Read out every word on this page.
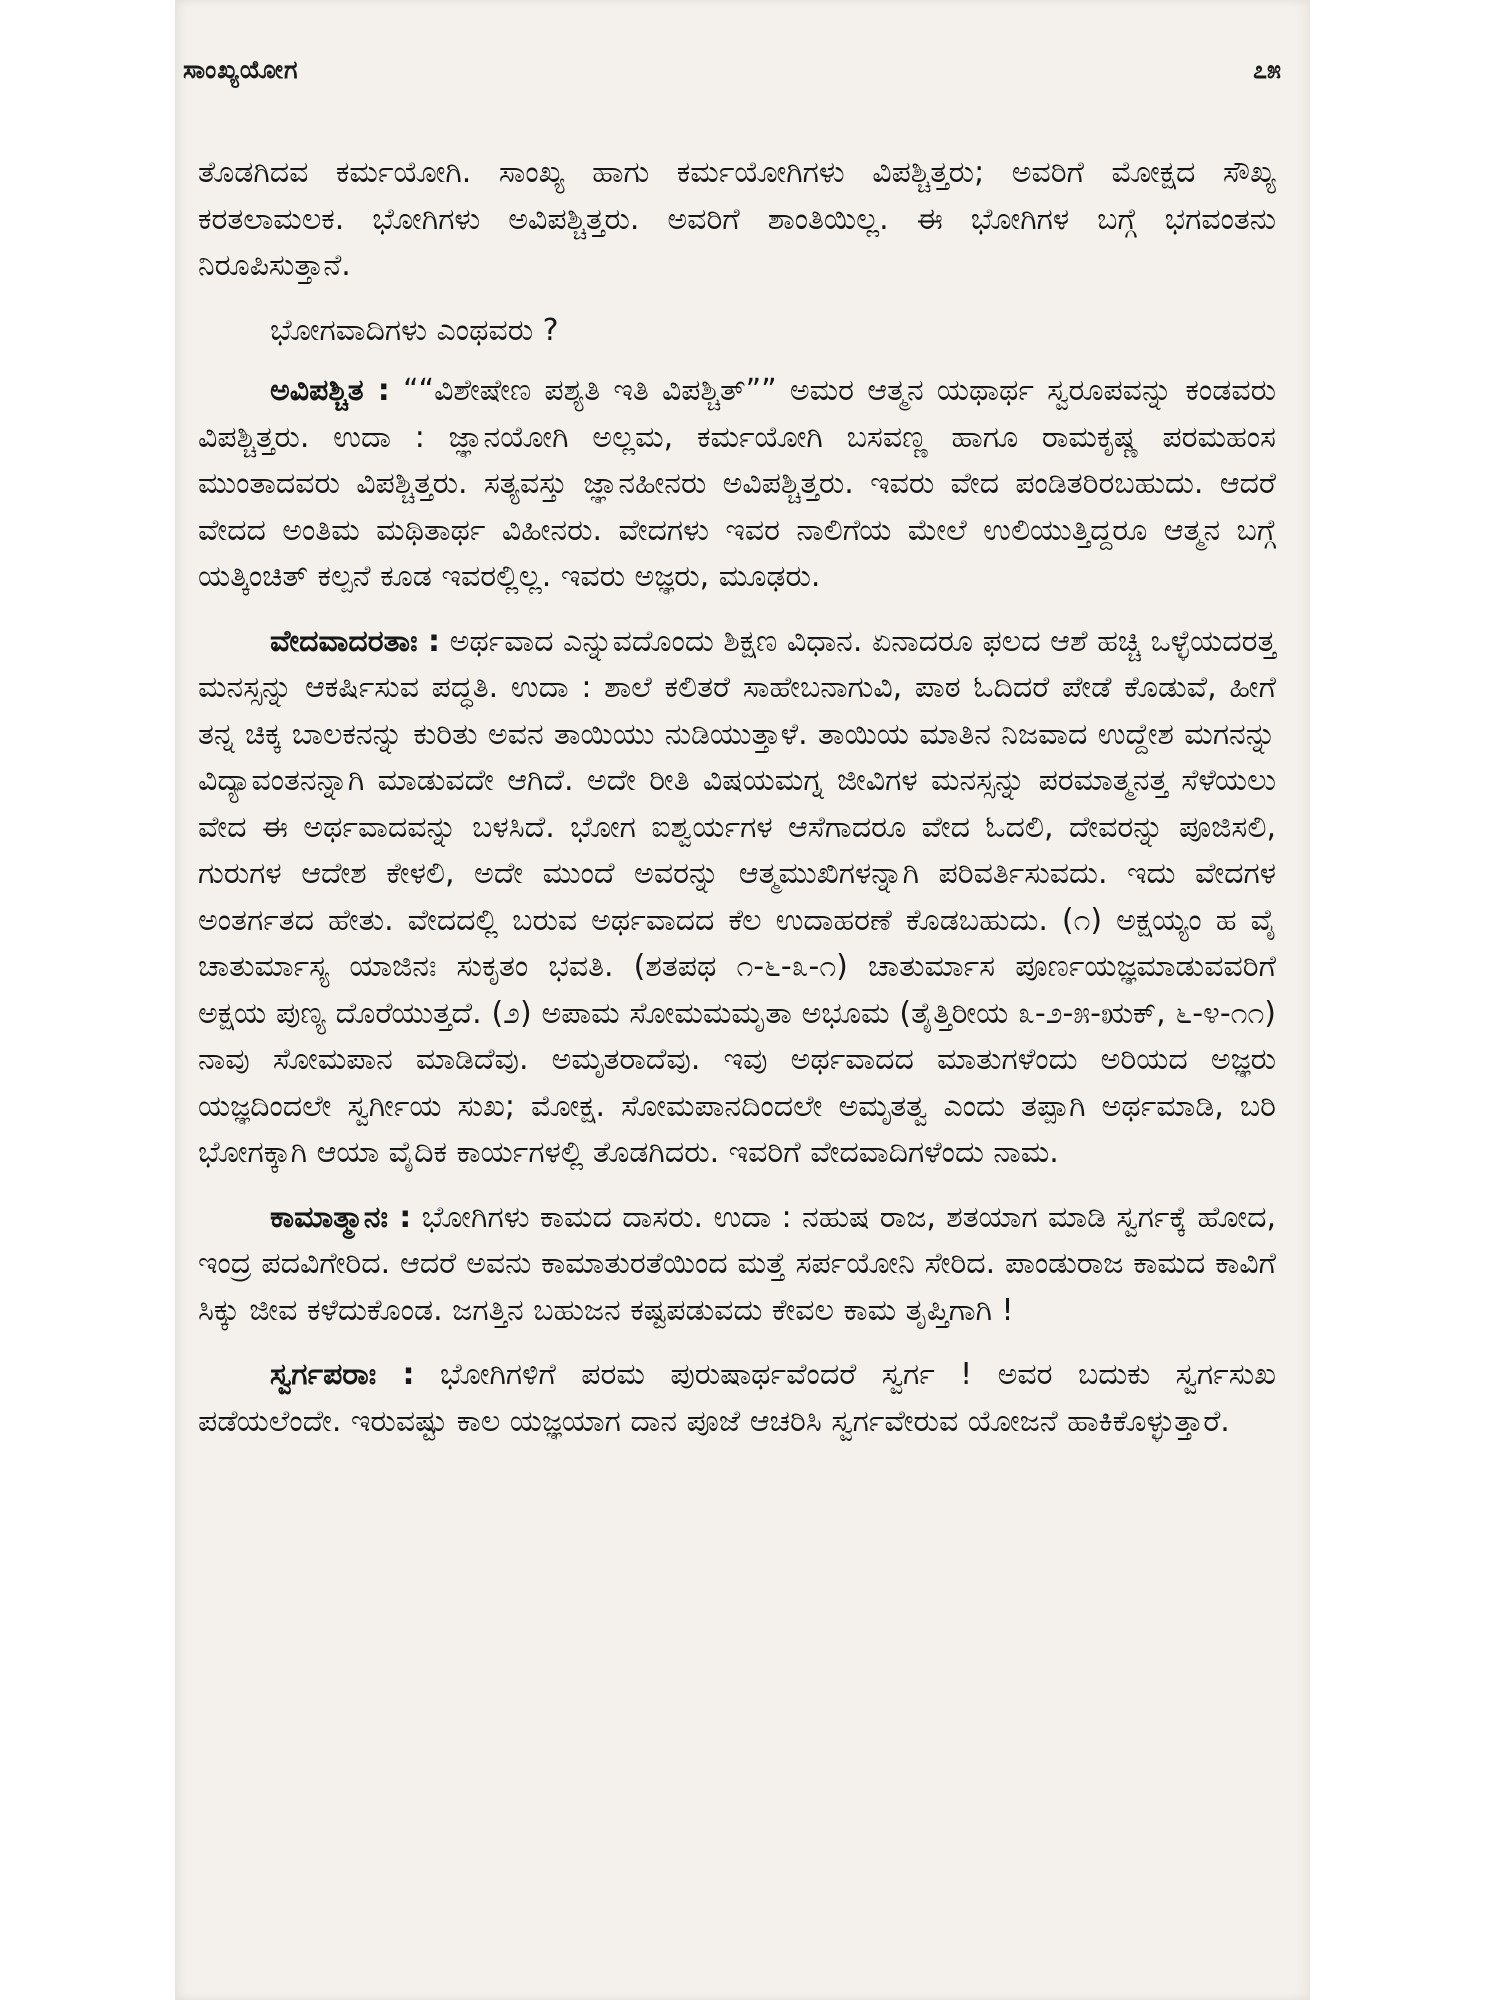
ಸಾಂಖ್ಯಯೋಗ	೭೫

ತೊಡಗಿದವ ಕರ್ಮಯೋಗಿ. ಸಾಂಖ್ಯ ಹಾಗು ಕರ್ಮಯೋಗಿಗಳು ವಿಪಶ್ಚಿತ್ತರು; ಅವರಿಗೆ ಮೋಕ್ಷದ ಸೌಖ್ಯ ಕರತಲಾಮಲಕ. ಭೋಗಿಗಳು ಅವಿಪಶ್ಚಿತ್ತರು. ಅವರಿಗೆ ಶಾಂತಿಯಿಲ್ಲ. ಈ ಭೋಗಿಗಳ ಬಗ್ಗೆ ಭಗವಂತನು ನಿರೂಪಿಸುತ್ತಾನೆ.

ಭೋಗವಾದಿಗಳು ಎಂಥವರು ?

ಅವಿಪಶ್ಚಿತ : ““ವಿಶೇಷೇಣ ಪಶ್ಯತಿ ಇತಿ ವಿಪಶ್ಚಿತ್”” ಅಮರ ಆತ್ಮನ ಯಥಾರ್ಥ ಸ್ವರೂಪವನ್ನು ಕಂಡವರು ವಿಪಶ್ಚಿತ್ತರು. ಉದಾ : ಜ್ಞಾನಯೋಗಿ ಅಲ್ಲಮ, ಕರ್ಮಯೋಗಿ ಬಸವಣ್ಣ ಹಾಗೂ ರಾಮಕೃಷ್ಣ ಪರಮಹಂಸ ಮುಂತಾದವರು ವಿಪಶ್ಚಿತ್ತರು. ಸತ್ಯವಸ್ತು ಜ್ಞಾನಹೀನರು ಅವಿಪಶ್ಚಿತ್ತರು. ಇವರು ವೇದ ಪಂಡಿತರಿರಬಹುದು. ಆದರೆ ವೇದದ ಅಂತಿಮ ಮಥಿತಾರ್ಥ ವಿಹೀನರು. ವೇದಗಳು ಇವರ ನಾಲಿಗೆಯ ಮೇಲೆ ಉಲಿಯುತ್ತಿದ್ದರೂ ಆತ್ಮನ ಬಗ್ಗೆ ಯತ್ಕಿಂಚಿತ್ ಕಲ್ಪನೆ ಕೂಡ ಇವರಲ್ಲಿಲ್ಲ. ಇವರು ಅಜ್ಞರು, ಮೂಢರು.

ವೇದವಾದರತಾಃ : ಅರ್ಥವಾದ ಎನ್ನುವದೊಂದು ಶಿಕ್ಷಣ ವಿಧಾನ. ಏನಾದರೂ ಫಲದ ಆಶೆ ಹಚ್ಚಿ ಒಳ್ಳೆಯದರತ್ತ ಮನಸ್ಸನ್ನು ಆಕರ್ಷಿಸುವ ಪದ್ಧತಿ. ಉದಾ : ಶಾಲೆ ಕಲಿತರೆ ಸಾಹೇಬನಾಗುವಿ, ಪಾಠ ಓದಿದರೆ ಪೇಡೆ ಕೊಡುವೆ, ಹೀಗೆ ತನ್ನ ಚಿಕ್ಕ ಬಾಲಕನನ್ನು ಕುರಿತು ಅವನ ತಾಯಿಯು ನುಡಿಯುತ್ತಾಳೆ. ತಾಯಿಯ ಮಾತಿನ ನಿಜವಾದ ಉದ್ದೇಶ ಮಗನನ್ನು ವಿದ್ಯಾವಂತನನ್ನಾಗಿ ಮಾಡುವದೇ ಆಗಿದೆ. ಅದೇ ರೀತಿ ವಿಷಯಮಗ್ನ ಜೀವಿಗಳ ಮನಸ್ಸನ್ನು ಪರಮಾತ್ಮನತ್ತ ಸೆಳೆಯಲು ವೇದ ಈ ಅರ್ಥವಾದವನ್ನು ಬಳಸಿದೆ. ಭೋಗ ಐಶ್ವರ್ಯಗಳ ಆಸೆಗಾದರೂ ವೇದ ಓದಲಿ, ದೇವರನ್ನು ಪೂಜಿಸಲಿ, ಗುರುಗಳ ಆದೇಶ ಕೇಳಲಿ, ಅದೇ ಮುಂದೆ ಅವರನ್ನು ಆತ್ಮಮುಖಿಗಳನ್ನಾಗಿ ಪರಿವರ್ತಿಸುವದು. ಇದು ವೇದಗಳ ಅಂತರ್ಗತದ ಹೇತು. ವೇದದಲ್ಲಿ ಬರುವ ಅರ್ಥವಾದದ ಕೆಲ ಉದಾಹರಣೆ ಕೊಡಬಹುದು. (೧) ಅಕ್ಷಯ್ಯಂ ಹ ವೈ ಚಾತುರ್ಮಾಸ್ಯ ಯಾಜಿನಃ ಸುಕೃತಂ ಭವತಿ. (ಶತಪಥ ೧-೬-೩-೧) ಚಾತುರ್ಮಾಸ ಪೂರ್ಣಯಜ್ಞಮಾಡುವವರಿಗೆ ಅಕ್ಷಯ ಪುಣ್ಯ ದೊರೆಯುತ್ತದೆ. (೨) ಅಪಾಮ ಸೋಮಮಮೃತಾ ಅಭೂಮ (ತೈತ್ತಿರೀಯ ೩-೨-೫-ಋಕ್, ೬-೪-೧೧) ನಾವು ಸೋಮಪಾನ ಮಾಡಿದೆವು. ಅಮೃತರಾದೆವು. ಇವು ಅರ್ಥವಾದದ ಮಾತುಗಳೆಂದು ಅರಿಯದ ಅಜ್ಞರು ಯಜ್ಞದಿಂದಲೇ ಸ್ವರ್ಗೀಯ ಸುಖ; ಮೋಕ್ಷ. ಸೋಮಪಾನದಿಂದಲೇ ಅಮೃತತ್ವ ಎಂದು ತಪ್ಪಾಗಿ ಅರ್ಥಮಾಡಿ, ಬರಿ ಭೋಗಕ್ಕಾಗಿ ಆಯಾ ವೈದಿಕ ಕಾರ್ಯಗಳಲ್ಲಿ ತೊಡಗಿದರು. ಇವರಿಗೆ ವೇದವಾದಿಗಳೆಂದು ನಾಮ.

ಕಾಮಾತ್ಮಾನಃ : ಭೋಗಿಗಳು ಕಾಮದ ದಾಸರು. ಉದಾ : ನಹುಷ ರಾಜ, ಶತಯಾಗ ಮಾಡಿ ಸ್ವರ್ಗಕ್ಕೆ ಹೋದ, ಇಂದ್ರ ಪದವಿಗೇರಿದ. ಆದರೆ ಅವನು ಕಾಮಾತುರತೆಯಿಂದ ಮತ್ತೆ ಸರ್ಪಯೋನಿ ಸೇರಿದ. ಪಾಂಡುರಾಜ ಕಾಮದ ಕಾವಿಗೆ ಸಿಕ್ಕು ಜೀವ ಕಳೆದುಕೊಂಡ. ಜಗತ್ತಿನ ಬಹುಜನ ಕಷ್ಟಪಡುವದು ಕೇವಲ ಕಾಮ ತೃಪ್ತಿಗಾಗಿ !

ಸ್ವರ್ಗಪರಾಃ : ಭೋಗಿಗಳಿಗೆ ಪರಮ ಪುರುಷಾರ್ಥವೆಂದರೆ ಸ್ವರ್ಗ ! ಅವರ ಬದುಕು ಸ್ವರ್ಗಸುಖ ಪಡೆಯಲೆಂದೇ. ಇರುವಷ್ಟು ಕಾಲ ಯಜ್ಞಯಾಗ ದಾನ ಪೂಜೆ ಆಚರಿಸಿ ಸ್ವರ್ಗವೇರುವ ಯೋಜನೆ ಹಾಕಿಕೊಳ್ಳುತ್ತಾರೆ.
